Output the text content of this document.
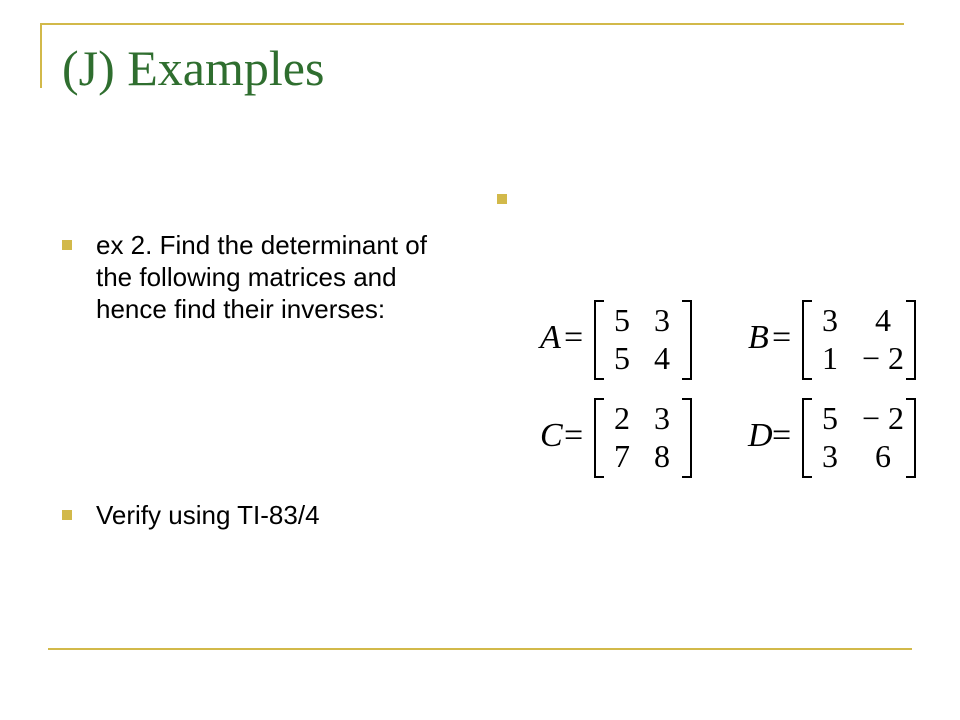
(J) Examples
ex 2. Find the determinant of the following matrices and hence find their inverses:
Verify using TI-83/4
A = 5 3
5 4
B = 3	4
1 − 2
C = 2 3
7 8
D = 5 − 2
3	6
